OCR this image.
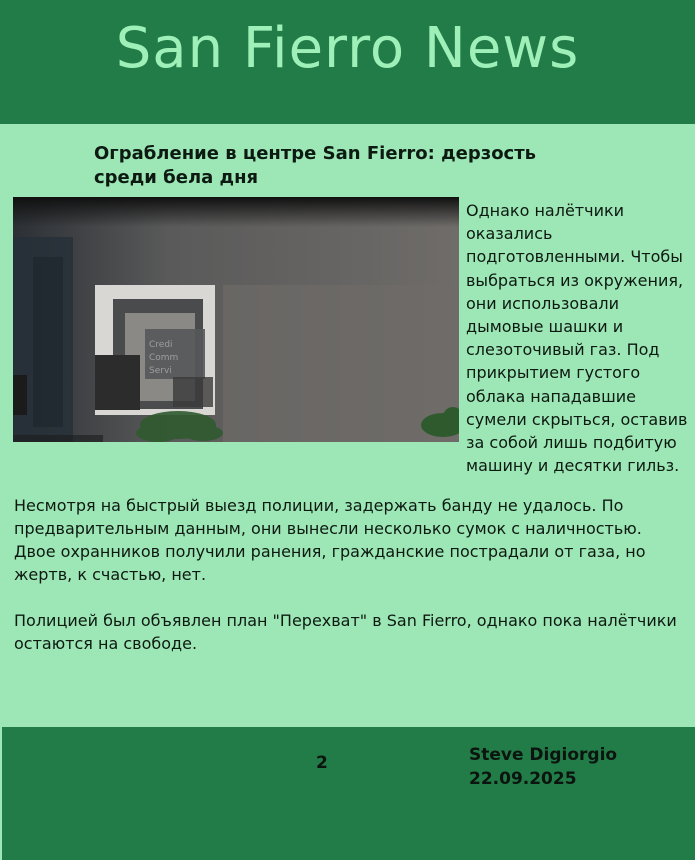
San Fierro News
Ограбление в центре San Fierro: дерзость среди бела дня
Credi
Comm
Servi
Однако налётчики оказались подготовленными. Чтобы выбраться из окружения, они использовали дымовые шашки и слезоточивый газ. Под прикрытием густого облака нападавшие сумели скрыться, оставив за собой лишь подбитую машину и десятки гильз.
Несмотря на быстрый выезд полиции, задержать банду не удалось. По предварительным данным, они вынесли несколько сумок с наличностью. Двое охранников получили ранения, гражданские пострадали от газа, но жертв, к счастью, нет.
Полицией был объявлен план "Перехват" в San Fierro, однако пока налётчики остаются на свободе.
2	Steve Digiorgio
22.09.2025
